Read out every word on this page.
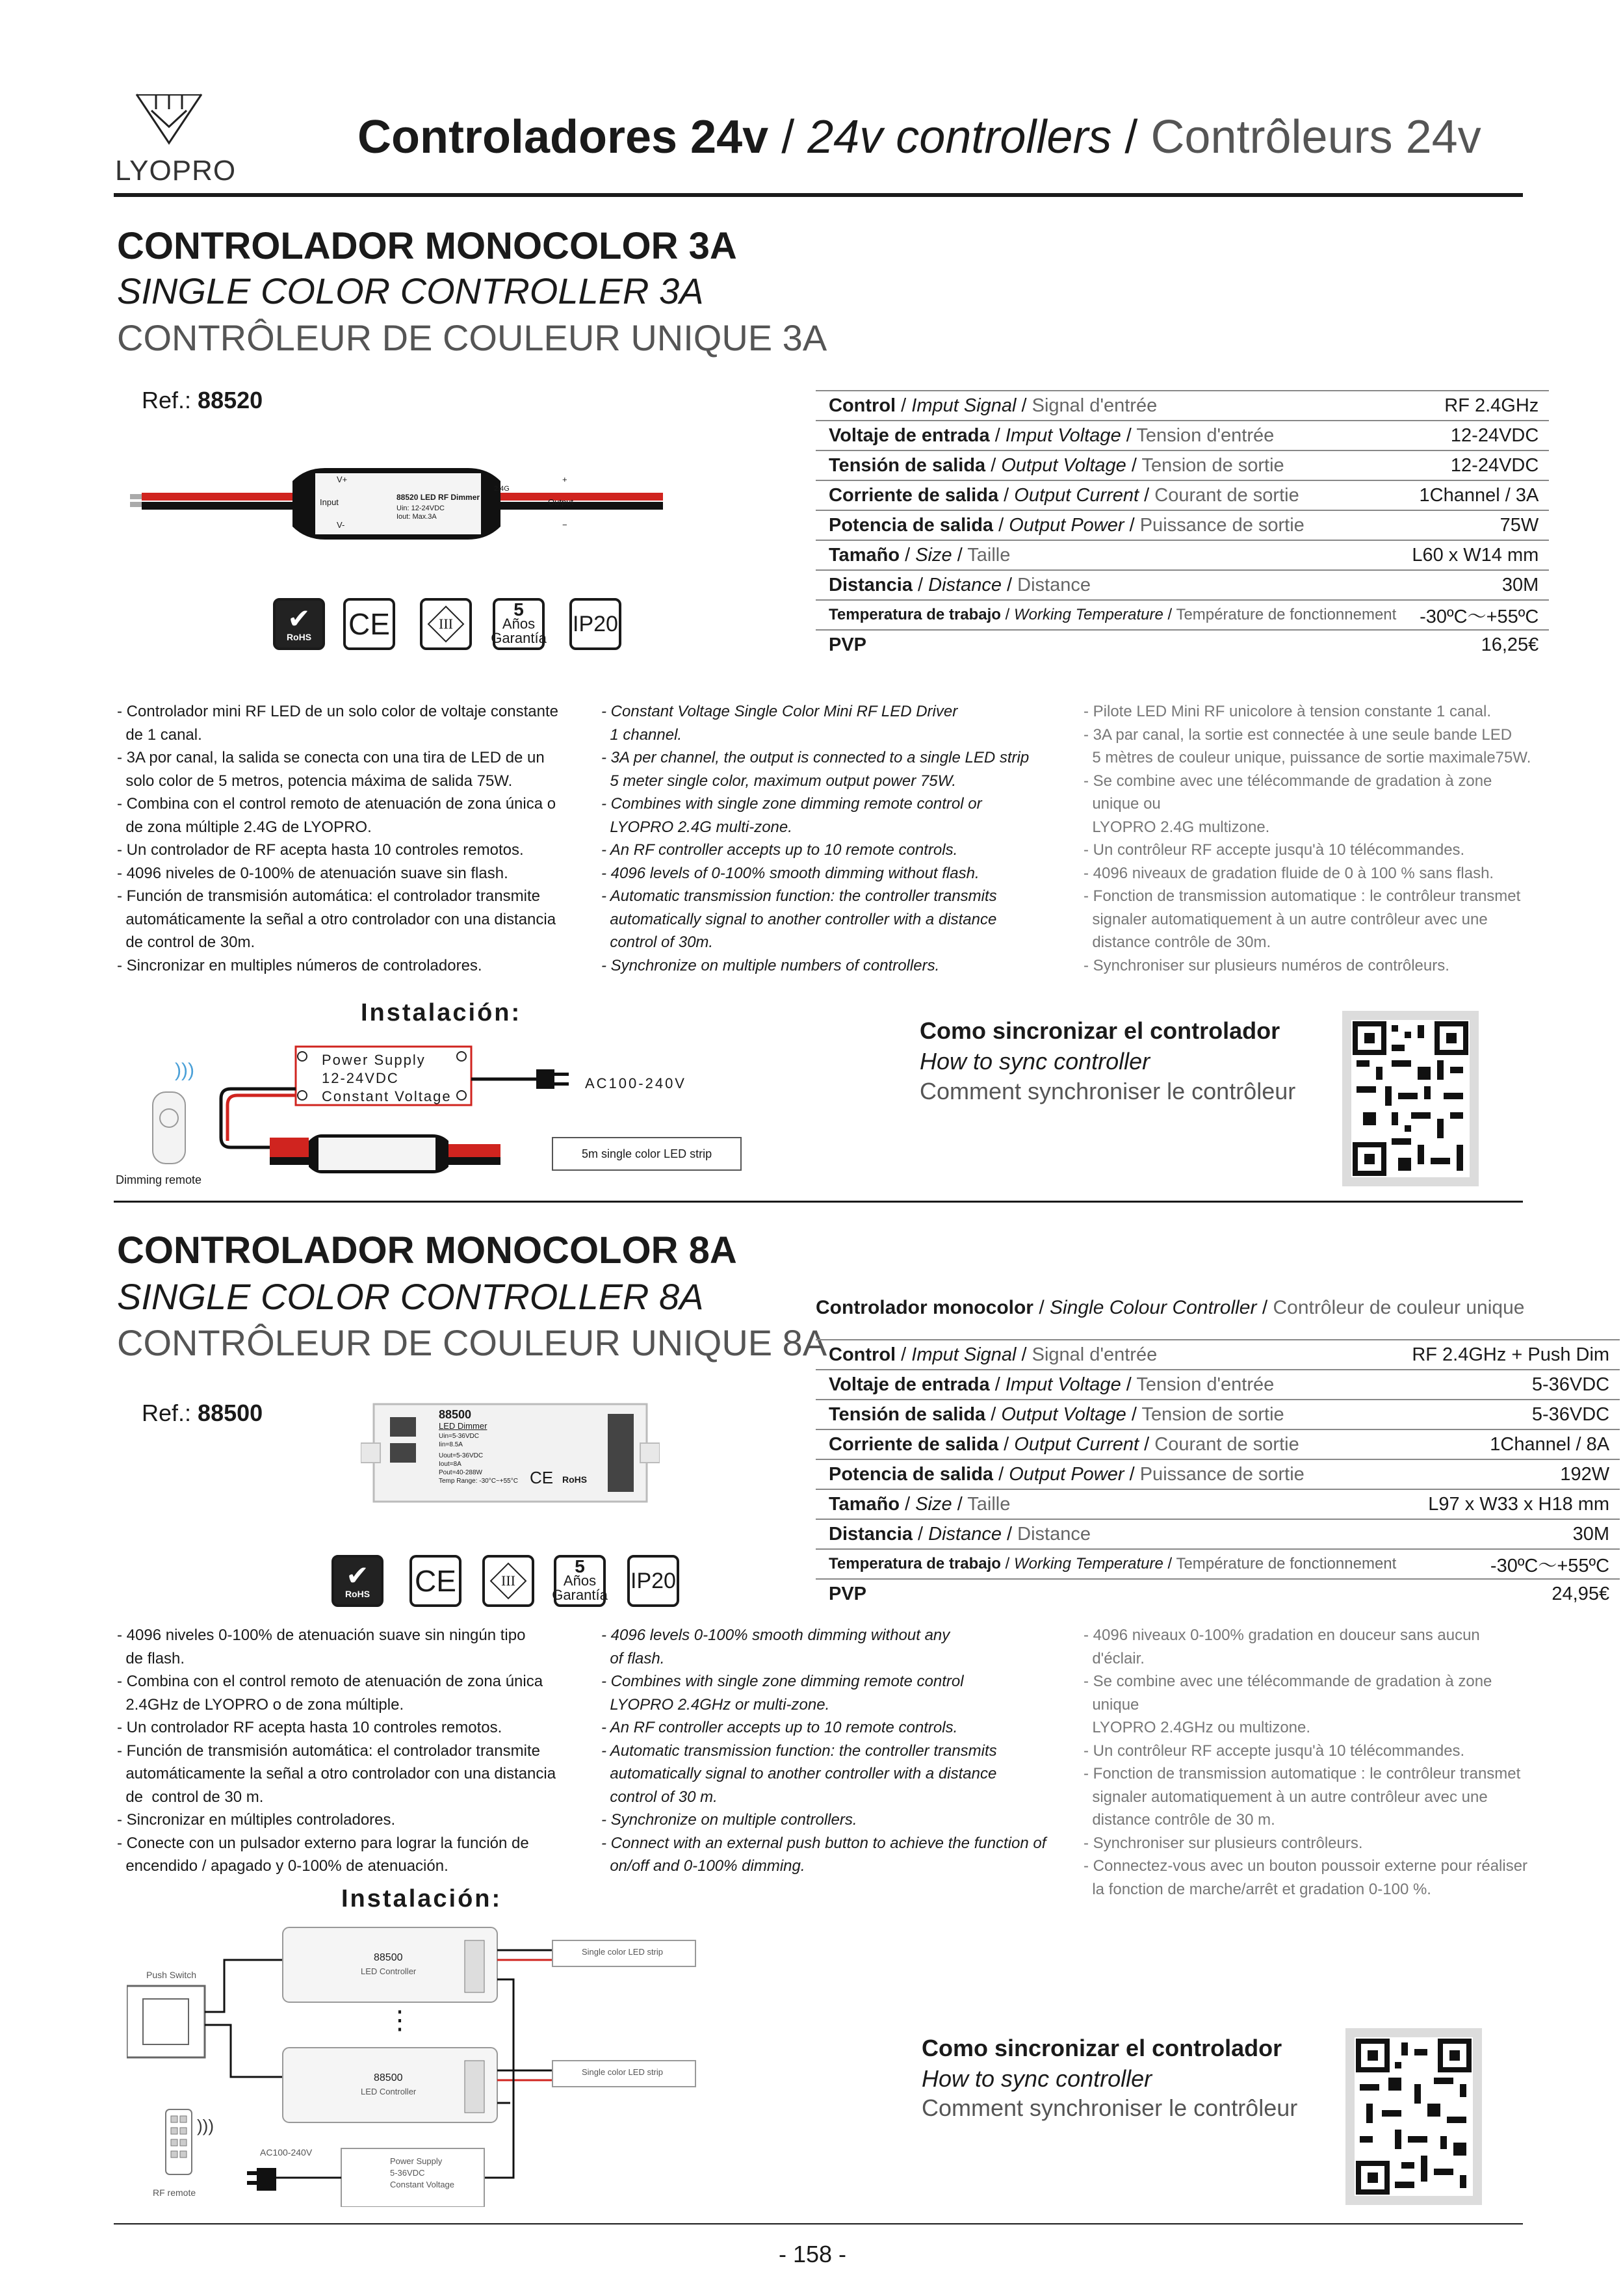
LYOPRO
Controladores 24v / 24v controllers / Contrôleurs 24v
CONTROLADOR MONOCOLOR 3A
SINGLE COLOR CONTROLLER 3A
CONTRÔLEUR DE COULEUR UNIQUE 3A
Ref.: 88520
V+
Input
V-
88520 LED RF Dimmer
Uin: 12-24VDC
Iout: Max.3A
2.4G
+
Output
−
✔
RoHS CE	III
5
Años
Garantía
IP20
Control / Imput Signal / Signal d'entrée	RF 2.4GHz
Voltaje de entrada / Imput Voltage / Tension d'entrée	12-24VDC
Tensión de salida / Output Voltage / Tension de sortie	12-24VDC
Corriente de salida / Output Current / Courant de sortie	1Channel / 3A
Potencia de salida / Output Power / Puissance de sortie	75W
Tamaño / Size / Taille	L60 x W14 mm
Distancia / Distance / Distance	30M
Temperatura de trabajo / Working Temperature / Température de fonctionnement	-30ºC～+55ºC
PVP	16,25€
- Controlador mini RF LED de un solo color de voltaje constante
de 1 canal.
- 3A por canal, la salida se conecta con una tira de LED de un
solo color de 5 metros, potencia máxima de salida 75W.
- Combina con el control remoto de atenuación de zona única o
de zona múltiple 2.4G de LYOPRO.
- Un controlador de RF acepta hasta 10 controles remotos.
- 4096 niveles de 0-100% de atenuación suave sin flash.
- Función de transmisión automática: el controlador transmite
automáticamente la señal a otro controlador con una distancia
de control de 30m.
- Sincronizar en multiples números de controladores.
- Constant Voltage Single Color Mini RF LED Driver
1 channel.
- 3A per channel, the output is connected to a single LED strip
5 meter single color, maximum output power 75W.
- Combines with single zone dimming remote control or
LYOPRO 2.4G multi-zone.
- An RF controller accepts up to 10 remote controls.
- 4096 levels of 0-100% smooth dimming without flash.
- Automatic transmission function: the controller transmits
automatically signal to another controller with a distance
control of 30m.
- Synchronize on multiple numbers of controllers.
- Pilote LED Mini RF unicolore à tension constante 1 canal.
- 3A par canal, la sortie est connectée à une seule bande LED
5 mètres de couleur unique, puissance de sortie maximale75W.
- Se combine avec une télécommande de gradation à zone
unique ou
LYOPRO 2.4G multizone.
- Un contrôleur RF accepte jusqu'à 10 télécommandes.
- 4096 niveaux de gradation fluide de 0 à 100 % sans flash.
- Fonction de transmission automatique : le contrôleur transmet
signaler automatiquement à un autre contrôleur avec une
distance contrôle de 30m.
- Synchroniser sur plusieurs numéros de contrôleurs.
Instalación:
)))	Power Supply
12-24VDC
Constant Voltage
AC100-240V
5m single color LED strip
Dimming remote
Como sincronizar el controlador
How to sync controller
Comment synchroniser le contrôleur
CONTROLADOR MONOCOLOR 8A
SINGLE COLOR CONTROLLER 8A
CONTRÔLEUR DE COULEUR UNIQUE 8A
Ref.: 88500	88500
LED Dimmer
Uin=5-36VDC
Iin=8.5A
Uout=5-36VDC
Iout=8A
Pout=40-288W
Temp Range: -30°C~+55°C CE RoHS
Controlador monocolor / Single Colour Controller / Contrôleur de couleur unique
✔
RoHS CE	III
5
Años
Garantía
IP20
Control / Imput Signal / Signal d'entrée	RF 2.4GHz + Push Dim
Voltaje de entrada / Imput Voltage / Tension d'entrée	5-36VDC
Tensión de salida / Output Voltage / Tension de sortie	5-36VDC
Corriente de salida / Output Current / Courant de sortie	1Channel / 8A
Potencia de salida / Output Power / Puissance de sortie	192W
Tamaño / Size / Taille	L97 x W33 x H18 mm
Distancia / Distance / Distance	30M
Temperatura de trabajo / Working Temperature / Température de fonctionnement	-30ºC～+55ºC
PVP	24,95€
- 4096 niveles 0-100% de atenuación suave sin ningún tipo
de flash.
- Combina con el control remoto de atenuación de zona única
2.4GHz de LYOPRO o de zona múltiple.
- Un controlador RF acepta hasta 10 controles remotos.
- Función de transmisión automática: el controlador transmite
automáticamente la señal a otro controlador con una distancia
de  control de 30 m.
- Sincronizar en múltiples controladores.
- Conecte con un pulsador externo para lograr la función de
encendido / apagado y 0-100% de atenuación.
- 4096 levels 0-100% smooth dimming without any
of flash.
- Combines with single zone dimming remote control
LYOPRO 2.4GHz or multi-zone.
- An RF controller accepts up to 10 remote controls.
- Automatic transmission function: the controller transmits
automatically signal to another controller with a distance
control of 30 m.
- Synchronize on multiple controllers.
- Connect with an external push button to achieve the function of
on/off and 0-100% dimming.
- 4096 niveaux 0-100% gradation en douceur sans aucun
d'éclair.
- Se combine avec une télécommande de gradation à zone
unique
LYOPRO 2.4GHz ou multizone.
- Un contrôleur RF accepte jusqu'à 10 télécommandes.
- Fonction de transmission automatique : le contrôleur transmet
signaler automatiquement à un autre contrôleur avec une
distance contrôle de 30 m.
- Synchroniser sur plusieurs contrôleurs.
- Connectez-vous avec un bouton poussoir externe pour réaliser
la fonction de marche/arrêt et gradation 0-100 %.
Instalación:
Push Switch
88500
LED Controller
88500
LED Controller
⋮
Single color LED strip
Single color LED strip
AC100-240V
Power Supply
5-36VDC
Constant Voltage
RF remote
)))
Como sincronizar el controlador
How to sync controller
Comment synchroniser le contrôleur
- 158 -
